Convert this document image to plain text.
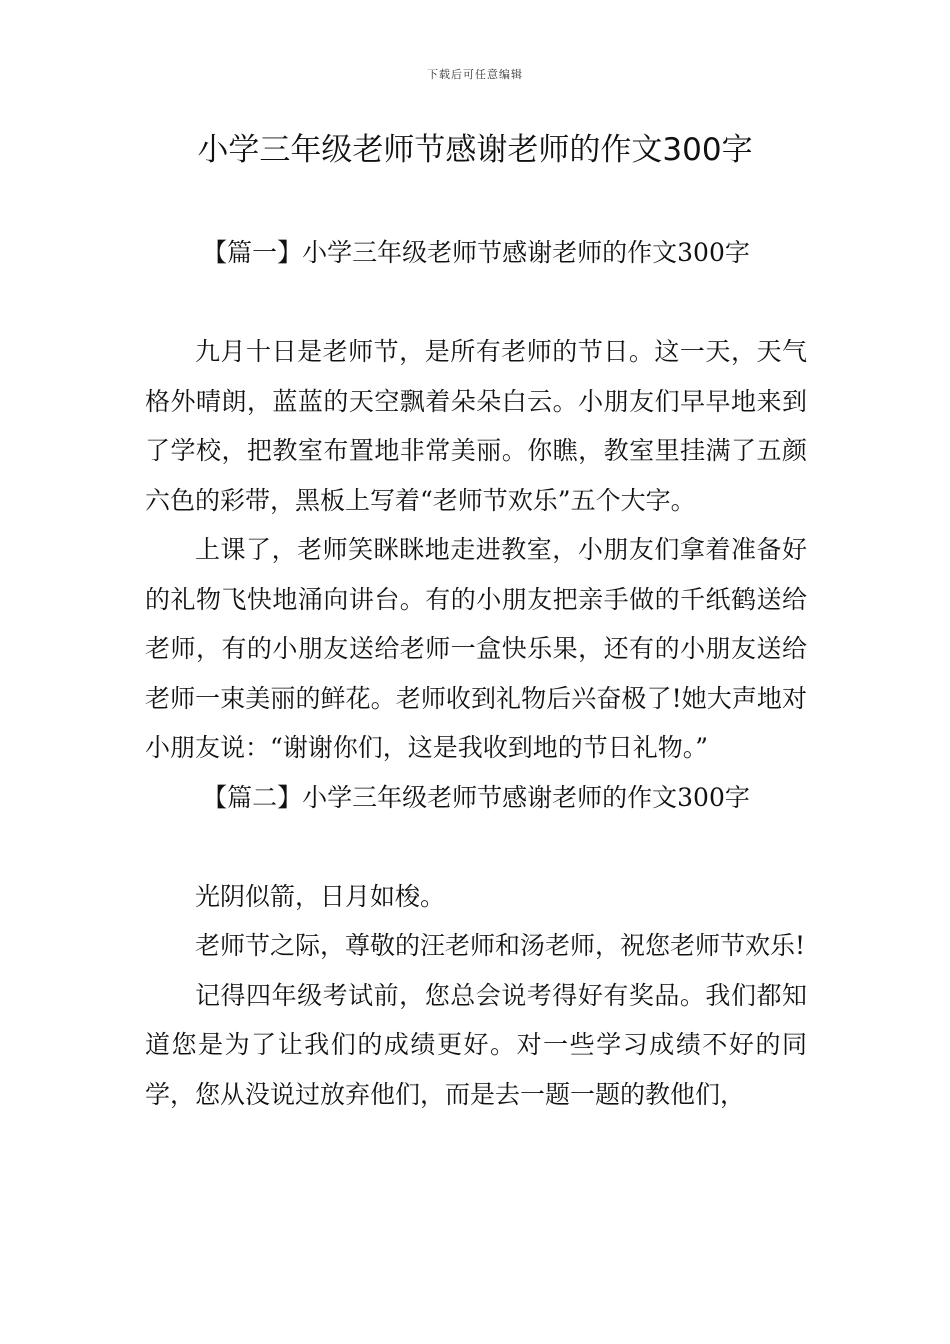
下载后可任意编辑
小学三年级老师节感谢老师的作文300字

【篇一】小学三年级老师节感谢老师的作文300字

九月十日是老师节，是所有老师的节日。这一天，天气格外晴朗，蓝蓝的天空飘着朵朵白云。小朋友们早早地来到了学校，把教室布置地非常美丽。你瞧，教室里挂满了五颜六色的彩带，黑板上写着“老师节欢乐”五个大字。

上课了，老师笑眯眯地走进教室，小朋友们拿着准备好的礼物飞快地涌向讲台。有的小朋友把亲手做的千纸鹤送给老师，有的小朋友送给老师一盒快乐果，还有的小朋友送给老师一束美丽的鲜花。老师收到礼物后兴奋极了!她大声地对小朋友说：“谢谢你们，这是我收到地的节日礼物。”

【篇二】小学三年级老师节感谢老师的作文300字

光阴似箭，日月如梭。

老师节之际，尊敬的汪老师和汤老师，祝您老师节欢乐!

记得四年级考试前，您总会说考得好有奖品。我们都知道您是为了让我们的成绩更好。对一些学习成绩不好的同学，您从没说过放弃他们，而是去一题一题的教他们，
